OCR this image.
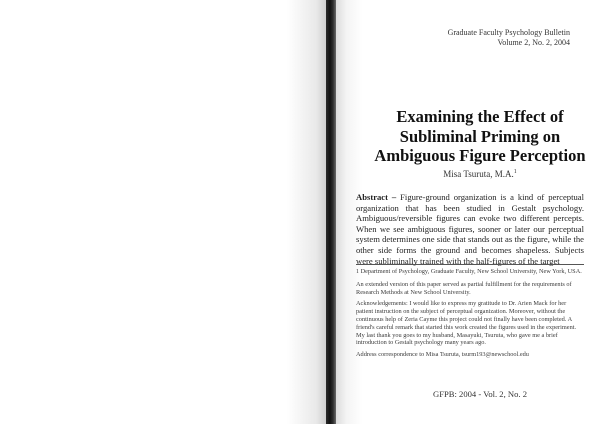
Graduate Faculty Psychology Bulletin
Volume 2, No. 2, 2004
Examining the Effect of
Subliminal Priming on
Ambiguous Figure Perception
Misa Tsuruta, M.A.$^1$
Abstract – Figure-ground organization is a kind of perceptual organization that has been studied in Gestalt psychology. Ambiguous/reversible figures can evoke two different percepts. When we see ambiguous figures, sooner or later our perceptual system determines one side that stands out as the figure, while the other side forms the ground and becomes shapeless. Subjects were subliminally trained with the half-figures of the target

1 Department of Psychology, Graduate Faculty, New School University, New York, USA.

An extended version of this paper served as partial fulfillment for the requirements of Research Methods at New School University.

Acknowledgements: I would like to express my gratitude to Dr. Arien Mack for her patient instruction on the subject of perceptual organization. Moreover, without the continuous help of Zeria Cayme this project could not finally have been completed. A friend's careful remark that started this work created the figures used in the experiment. My last thank you goes to my husband, Masayuki, Tsuruta, who gave me a brief introduction to Gestalt psychology many years ago.

Address correspondence to Misa Tsuruta, tsurm193@newschool.edu

GFPB: 2004 - Vol. 2, No. 2
